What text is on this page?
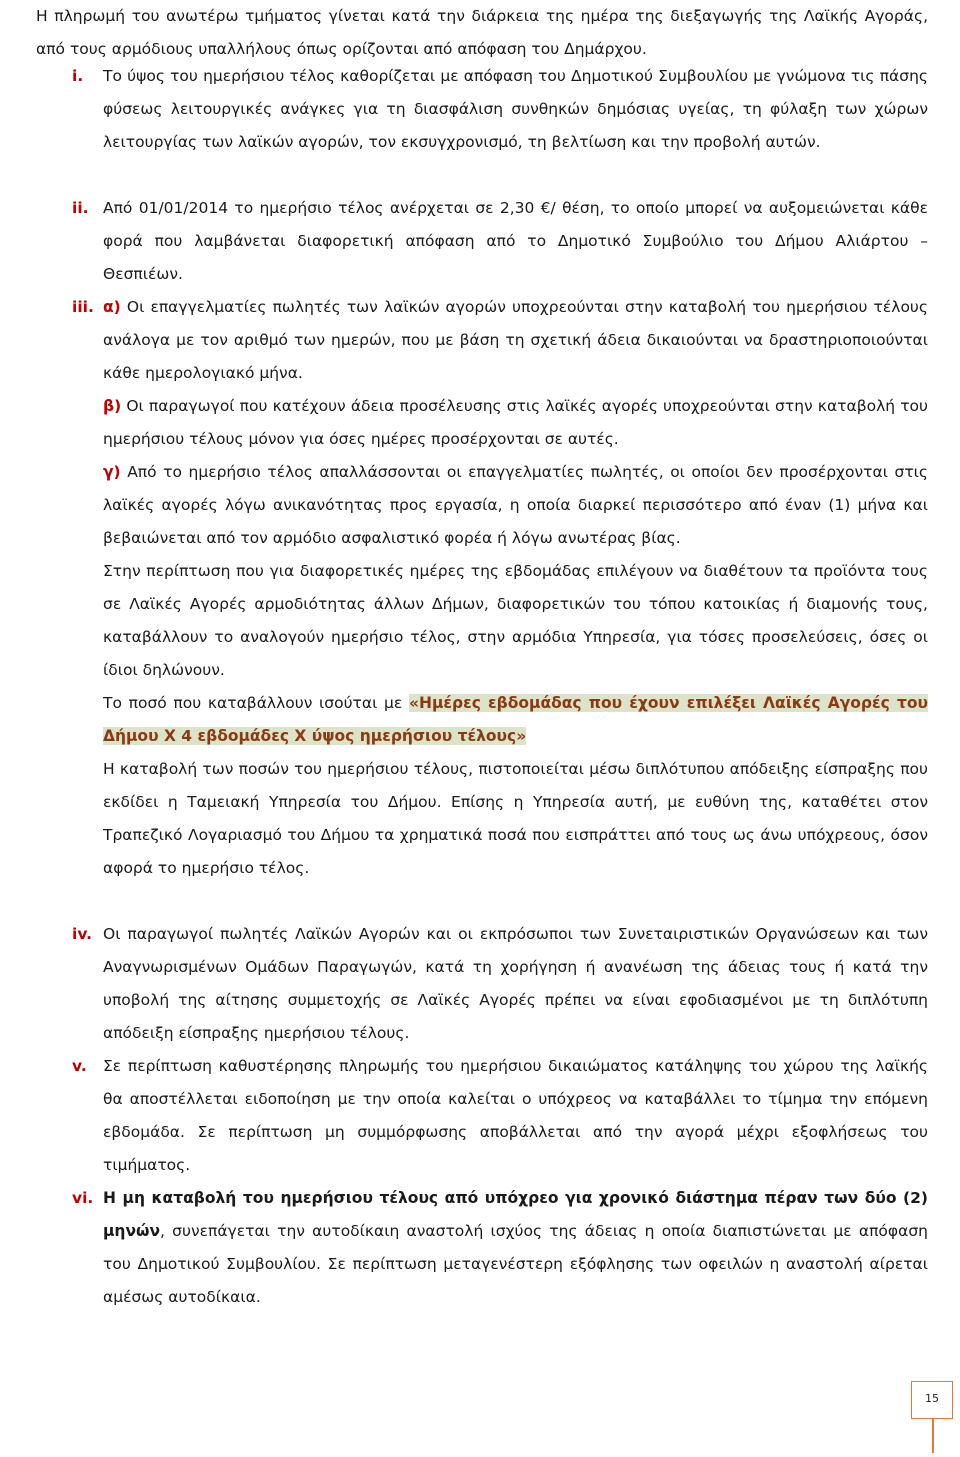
Η πληρωμή του ανωτέρω τμήματος γίνεται κατά την διάρκεια της ημέρα της διεξαγωγής της Λαϊκής Αγοράς, από τους αρμόδιους υπαλλήλους όπως ορίζονται από απόφαση του Δημάρχου.

i.	Το ύψος του ημερήσιου τέλος καθορίζεται με απόφαση του Δημοτικού Συμβουλίου με γνώμονα τις πάσης φύσεως λειτουργικές ανάγκες για τη διασφάλιση συνθηκών δημόσιας υγείας, τη φύλαξη των χώρων λειτουργίας των λαϊκών αγορών, τον εκσυγχρονισμό, τη βελτίωση και την προβολή αυτών.

ii. Από 01/01/2014 το ημερήσιο τέλος ανέρχεται σε 2,30 €/ θέση, το οποίο μπορεί να αυξομειώνεται κάθε φορά που λαμβάνεται διαφορετική απόφαση από το Δημοτικό Συμβούλιο του Δήμου Αλιάρτου – Θεσπιέων.

iii. α) Οι επαγγελματίες πωλητές των λαϊκών αγορών υποχρεούνται στην καταβολή του ημερήσιου τέλους ανάλογα με τον αριθμό των ημερών, που με βάση τη σχετική άδεια δικαιούνται να δραστηριοποιούνται κάθε ημερολογιακό μήνα.

β) Οι παραγωγοί που κατέχουν άδεια προσέλευσης στις λαϊκές αγορές υποχρεούνται στην καταβολή του ημερήσιου τέλους μόνον για όσες ημέρες προσέρχονται σε αυτές.

γ) Από το ημερήσιο τέλος απαλλάσσονται οι επαγγελματίες πωλητές, οι οποίοι δεν προσέρχονται στις λαϊκές αγορές λόγω ανικανότητας προς εργασία, η οποία διαρκεί περισσότερο από έναν (1) μήνα και βεβαιώνεται από τον αρμόδιο ασφαλιστικό φορέα ή λόγω ανωτέρας βίας.

Στην περίπτωση που για διαφορετικές ημέρες της εβδομάδας επιλέγουν να διαθέτουν τα προϊόντα τους σε Λαϊκές Αγορές αρμοδιότητας άλλων Δήμων, διαφορετικών του τόπου κατοικίας ή διαμονής τους, καταβάλλουν το αναλογούν ημερήσιο τέλος, στην αρμόδια Υπηρεσία, για τόσες προσελεύσεις, όσες οι ίδιοι δηλώνουν.

Το ποσό που καταβάλλουν ισούται με «Ημέρες εβδομάδας που έχουν επιλέξει Λαϊκές Αγορές του Δήμου Χ 4 εβδομάδες Χ ύψος ημερήσιου τέλους»

Η καταβολή των ποσών του ημερήσιου τέλους, πιστοποιείται μέσω διπλότυπου απόδειξης είσπραξης που εκδίδει η Ταμειακή Υπηρεσία του Δήμου. Επίσης η Υπηρεσία αυτή, με ευθύνη της, καταθέτει στον Τραπεζικό Λογαριασμό του Δήμου τα χρηματικά ποσά που εισπράττει από τους ως άνω υπόχρεους, όσον αφορά το ημερήσιο τέλος.

iv. Οι παραγωγοί πωλητές Λαϊκών Αγορών και οι εκπρόσωποι των Συνεταιριστικών Οργανώσεων και των Αναγνωρισμένων Ομάδων Παραγωγών, κατά τη χορήγηση ή ανανέωση της άδειας τους ή κατά την υποβολή της αίτησης συμμετοχής σε Λαϊκές Αγορές πρέπει να είναι εφοδιασμένοι με τη διπλότυπη απόδειξη είσπραξης ημερήσιου τέλους.

v.	Σε περίπτωση καθυστέρησης πληρωμής του ημερήσιου δικαιώματος κατάληψης του χώρου της λαϊκής θα αποστέλλεται ειδοποίηση με την οποία καλείται ο υπόχρεος να καταβάλλει το τίμημα την επόμενη εβδομάδα. Σε περίπτωση μη συμμόρφωσης αποβάλλεται από την αγορά μέχρι εξοφλήσεως του τιμήματος.

vi. Η μη καταβολή του ημερήσιου τέλους από υπόχρεο για χρονικό διάστημα πέραν των δύο (2) μηνών, συνεπάγεται την αυτοδίκαιη αναστολή ισχύος της άδειας η οποία διαπιστώνεται με απόφαση του Δημοτικού Συμβουλίου. Σε περίπτωση μεταγενέστερη εξόφλησης των οφειλών η αναστολή αίρεται αμέσως αυτοδίκαια.

15
